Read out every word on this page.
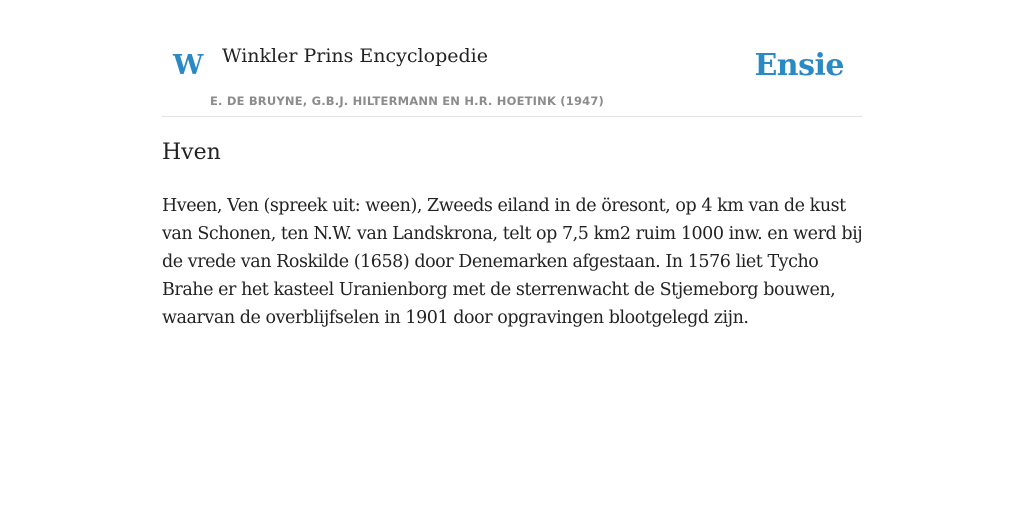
W Winkler Prins Encyclopedie
E. DE BRUYNE, G.B.J. HILTERMANN EN H.R. HOETINK (1947)
Ensie
Hven

Hveen, Ven (spreek uit: ween), Zweeds eiland in de öresont, op 4 km van de kust van Schonen, ten N.W. van Landskrona, telt op 7,5 km2 ruim 1000 inw. en werd bij de vrede van Roskilde (1658) door Denemarken afgestaan. In 1576 liet Tycho Brahe er het kasteel Uranienborg met de sterrenwacht de Stjemeborg bouwen, waarvan de overblijfselen in 1901 door opgravingen blootgelegd zijn.
